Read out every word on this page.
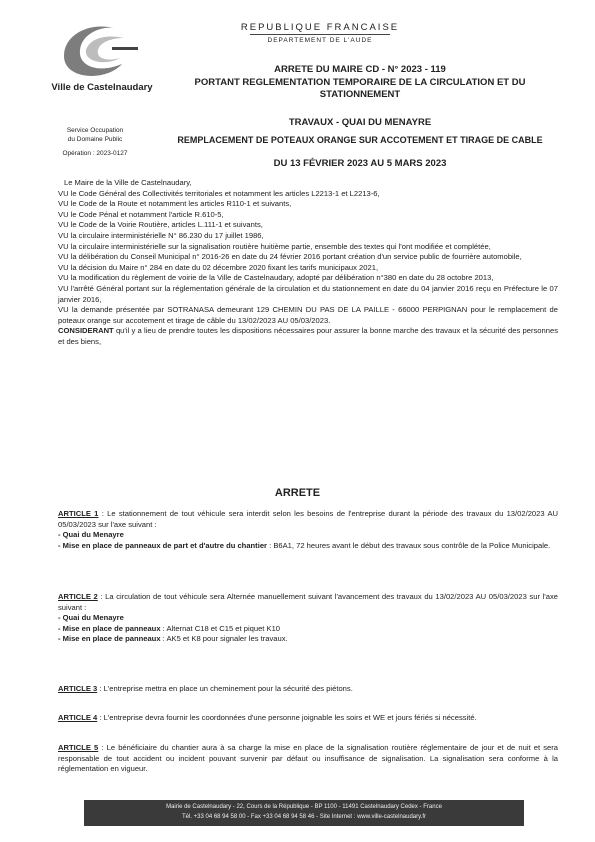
Ville de Castelnaudary
Service Occupation
du Domaine Public
Opération : 2023-0127
REPUBLIQUE FRANCAISE
DEPARTEMENT DE L'AUDE
ARRETE DU MAIRE CD - N° 2023 - 119
PORTANT REGLEMENTATION TEMPORAIRE DE LA CIRCULATION ET DU STATIONNEMENT
TRAVAUX - QUAI DU MENAYRE
REMPLACEMENT DE POTEAUX ORANGE SUR ACCOTEMENT ET TIRAGE DE CABLE
DU 13 FÉVRIER 2023 AU 5 MARS 2023

Le Maire de la Ville de Castelnaudary,

VU le Code Général des Collectivités territoriales et notamment les articles L2213-1 et L2213-6,

VU le Code de la Route et notamment les articles R110-1 et suivants,

VU le Code Pénal et notamment l'article R.610-5,

VU le Code de la Voirie Routière, articles L.111-1 et suivants,

VU la circulaire interministérielle N° 86.230 du 17 juillet 1986,

VU la circulaire interministérielle sur la signalisation routière huitième partie, ensemble des textes qui l'ont modifiée et complétée,

VU la délibération du Conseil Municipal n° 2016-26 en date du 24 février 2016 portant création d'un service public de fourrière automobile,

VU la décision du Maire n° 284 en date du 02 décembre 2020 fixant les tarifs municipaux 2021,

VU la modification du règlement de voirie de la Ville de Castelnaudary, adopté par délibération n°380 en date du 28 octobre 2013,

VU l'arrêté Général portant sur la réglementation générale de la circulation et du stationnement en date du 04 janvier 2016 reçu en Préfecture le 07 janvier 2016,

VU la demande présentée par SOTRANASA demeurant 129 CHEMIN DU PAS DE LA PAILLE - 66000 PERPIGNAN pour le remplacement de poteaux orange sur accotement et tirage de câble du 13/02/2023 AU 05/03/2023.

CONSIDERANT qu'il y a lieu de prendre toutes les dispositions nécessaires pour assurer la bonne marche des travaux et la sécurité des personnes et des biens,

ARRETE

ARTICLE 1 : Le stationnement de tout véhicule sera interdit selon les besoins de l'entreprise durant la période des travaux du 13/02/2023 AU 05/03/2023 sur l'axe suivant :

- Quai du Menayre

- Mise en place de panneaux de part et d'autre du chantier : B6A1, 72 heures avant le début des travaux sous contrôle de la Police Municipale.

ARTICLE 2 : La circulation de tout véhicule sera Alternée manuellement suivant l'avancement des travaux du 13/02/2023 AU 05/03/2023 sur l'axe suivant :

- Quai du Menayre

- Mise en place de panneaux : Alternat C18 et C15 et piquet K10

- Mise en place de panneaux : AK5 et K8 pour signaler les travaux.

ARTICLE 3 : L'entreprise mettra en place un cheminement pour la sécurité des piétons.

ARTICLE 4 : L'entreprise devra fournir les coordonnées d'une personne joignable les soirs et WE et jours fériés si nécessité.

ARTICLE 5 : Le bénéficiaire du chantier aura à sa charge la mise en place de la signalisation routière réglementaire de jour et de nuit et sera responsable de tout accident ou incident pouvant survenir par défaut ou insuffisance de signalisation. La signalisation sera conforme à la réglementation en vigueur.

Mairie de Castelnaudary - 22, Cours de la République - BP 1100 - 11491 Castelnaudary Cedex - France
Tél. +33 04 68 94 58 00 - Fax +33 04 68 94 58 46 - Site Internet : www.ville-castelnaudary.fr
